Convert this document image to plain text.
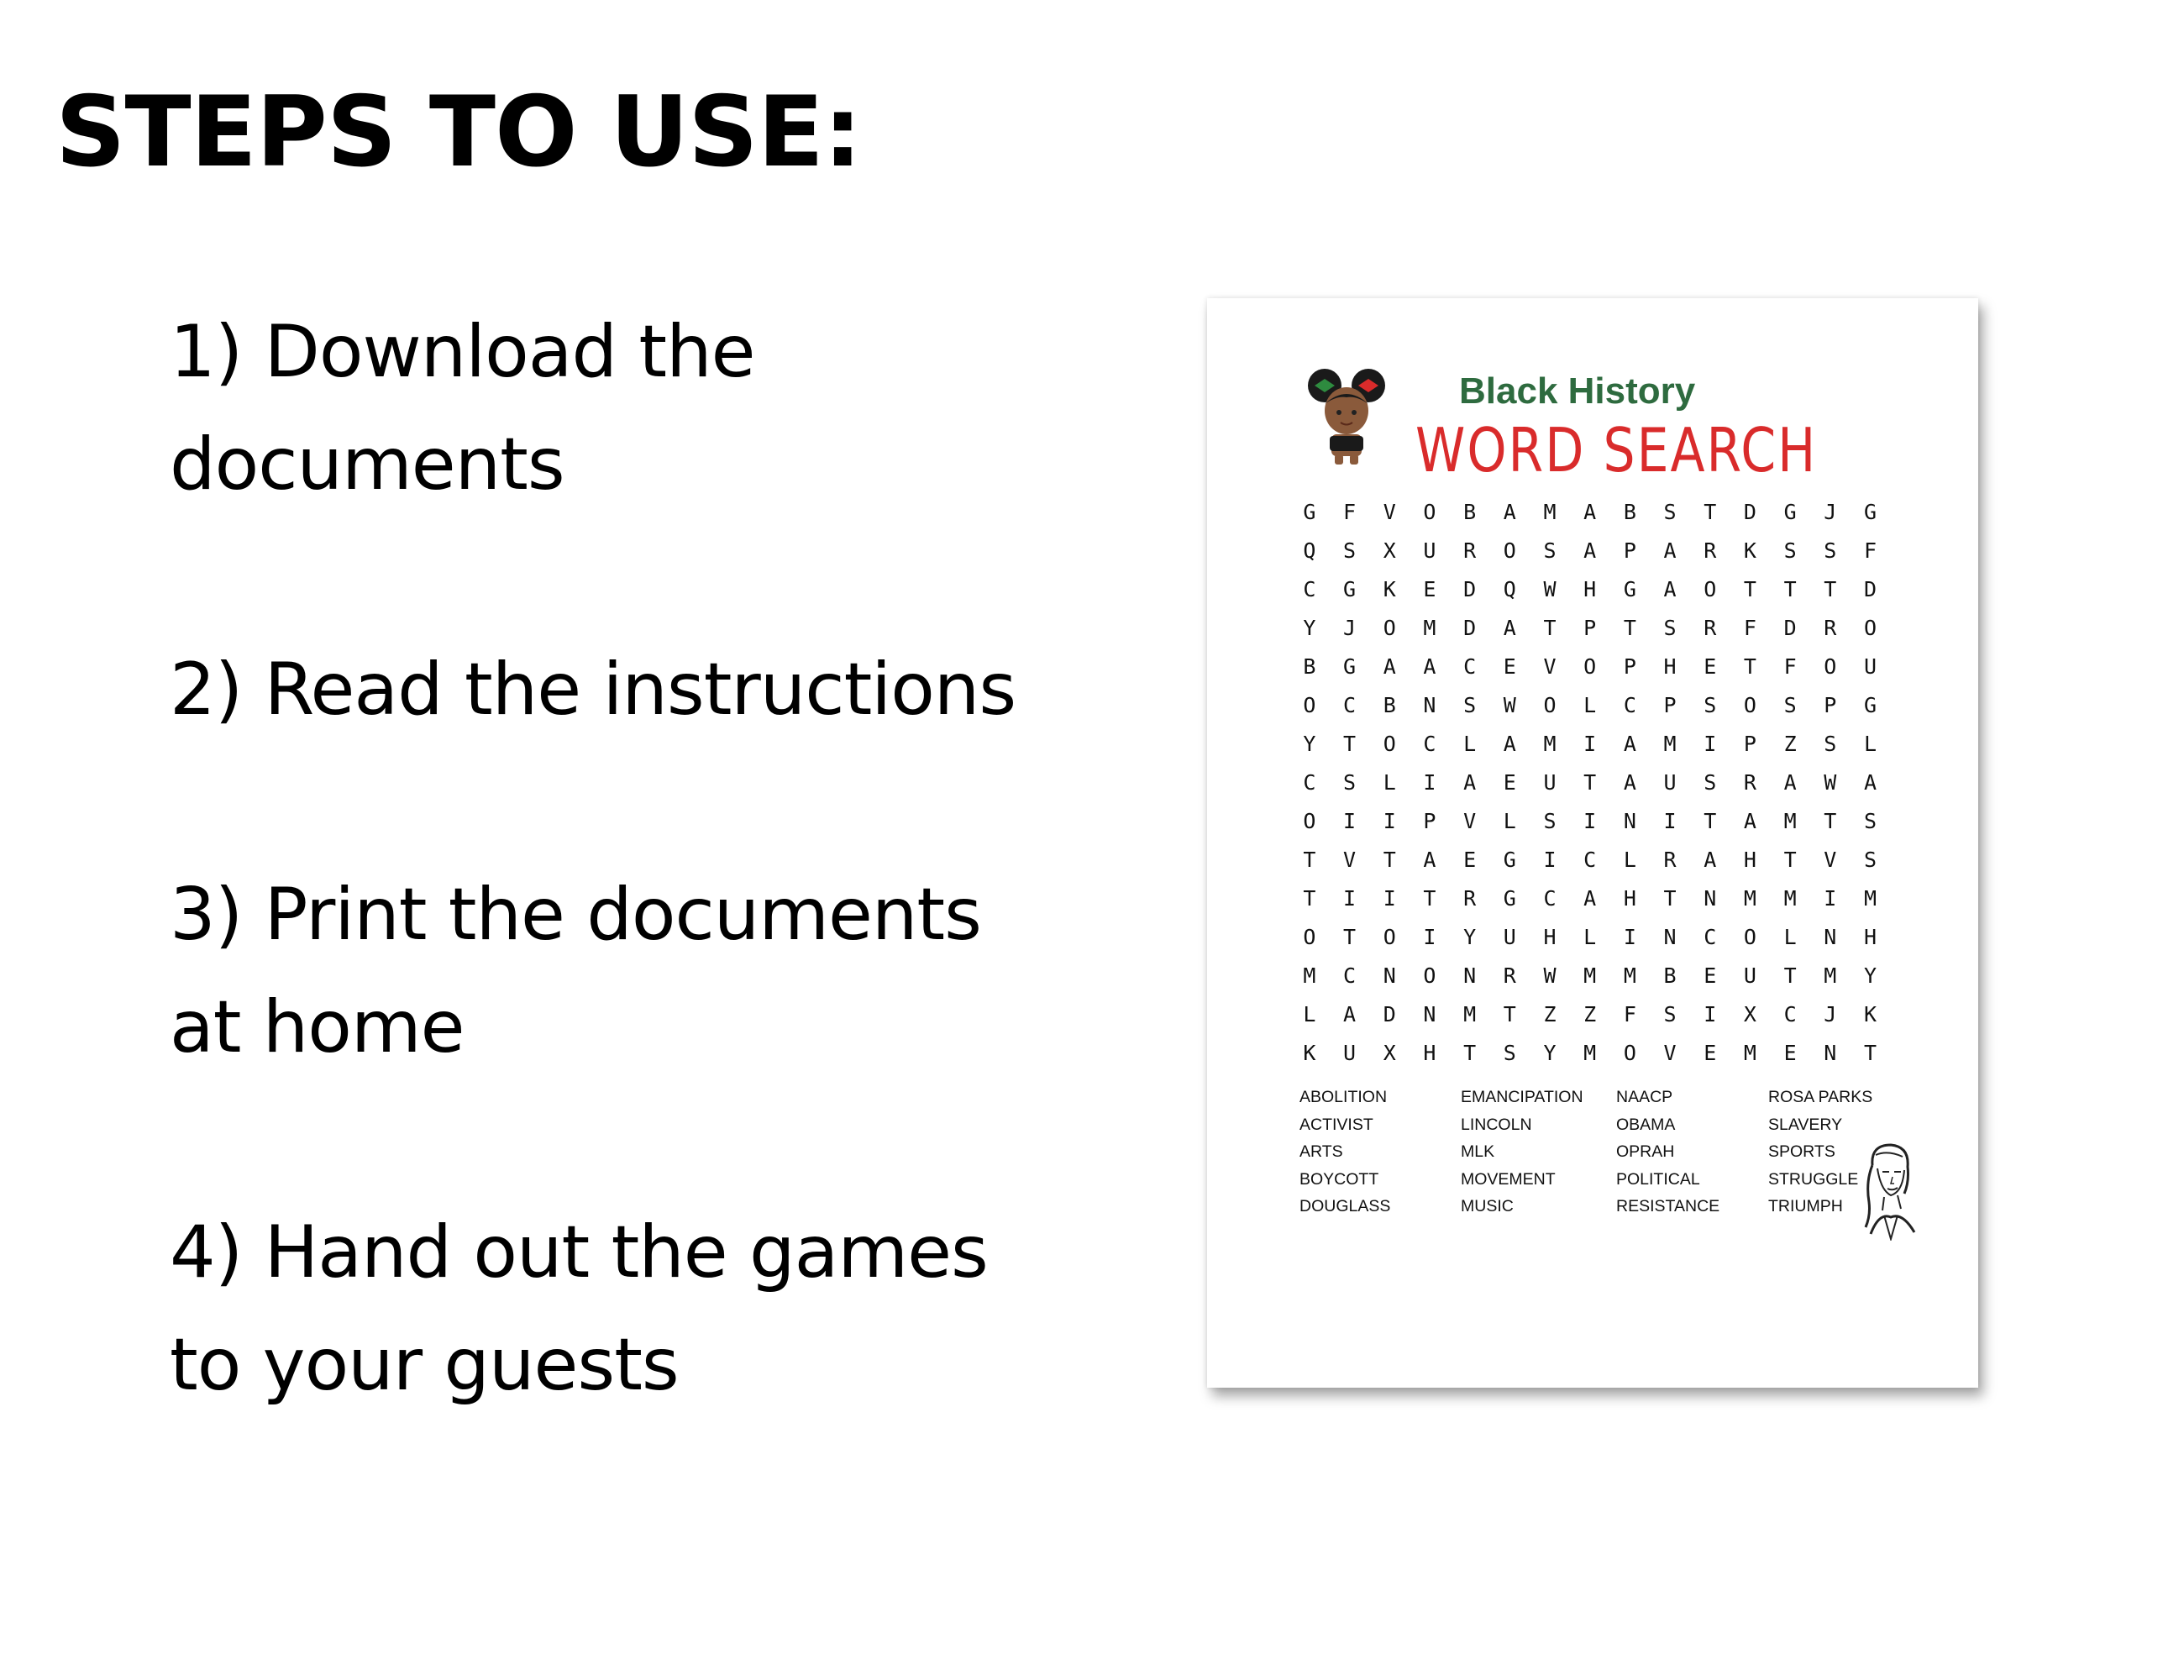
STEPS TO USE:

1) Download the
documents

2) Read the instructions

3) Print the documents
at home

4) Hand out the games
to your guests

Black History
WORD SEARCH
G	F	V	O	B	A	M	A	B	S	T	D	G	J	G
Q	S	X	U	R	O	S	A	P	A	R	K	S	S	F
C	G	K	E	D	Q	W	H	G	A	O	T	T	T	D
Y	J	O	M	D	A	T	P	T	S	R	F	D	R	O
B	G	A	A	C	E	V	O	P	H	E	T	F	O	U
O	C	B	N	S	W	O	L	C	P	S	O	S	P	G
Y	T	O	C	L	A	M	I	A	M	I	P	Z	S	L
C	S	L	I	A	E	U	T	A	U	S	R	A	W	A
O	I	I	P	V	L	S	I	N	I	T	A	M	T	S
T	V	T	A	E	G	I	C	L	R	A	H	T	V	S
T	I	I	T	R	G	C	A	H	T	N	M	M	I	M
O	T	O	I	Y	U	H	L	I	N	C	O	L	N	H
M	C	N	O	N	R	W	M	M	B	E	U	T	M	Y
L	A	D	N	M	T	Z	Z	F	S	I	X	C	J	K
K	U	X	H	T	S	Y	M	O	V	E	M	E	N	T
ABOLITION
ACTIVIST
ARTS
BOYCOTT
DOUGLASS
EMANCIPATION
LINCOLN
MLK
MOVEMENT
MUSIC
NAACP
OBAMA
OPRAH
POLITICAL
RESISTANCE
ROSA PARKS
SLAVERY
SPORTS
STRUGGLE
TRIUMPH
